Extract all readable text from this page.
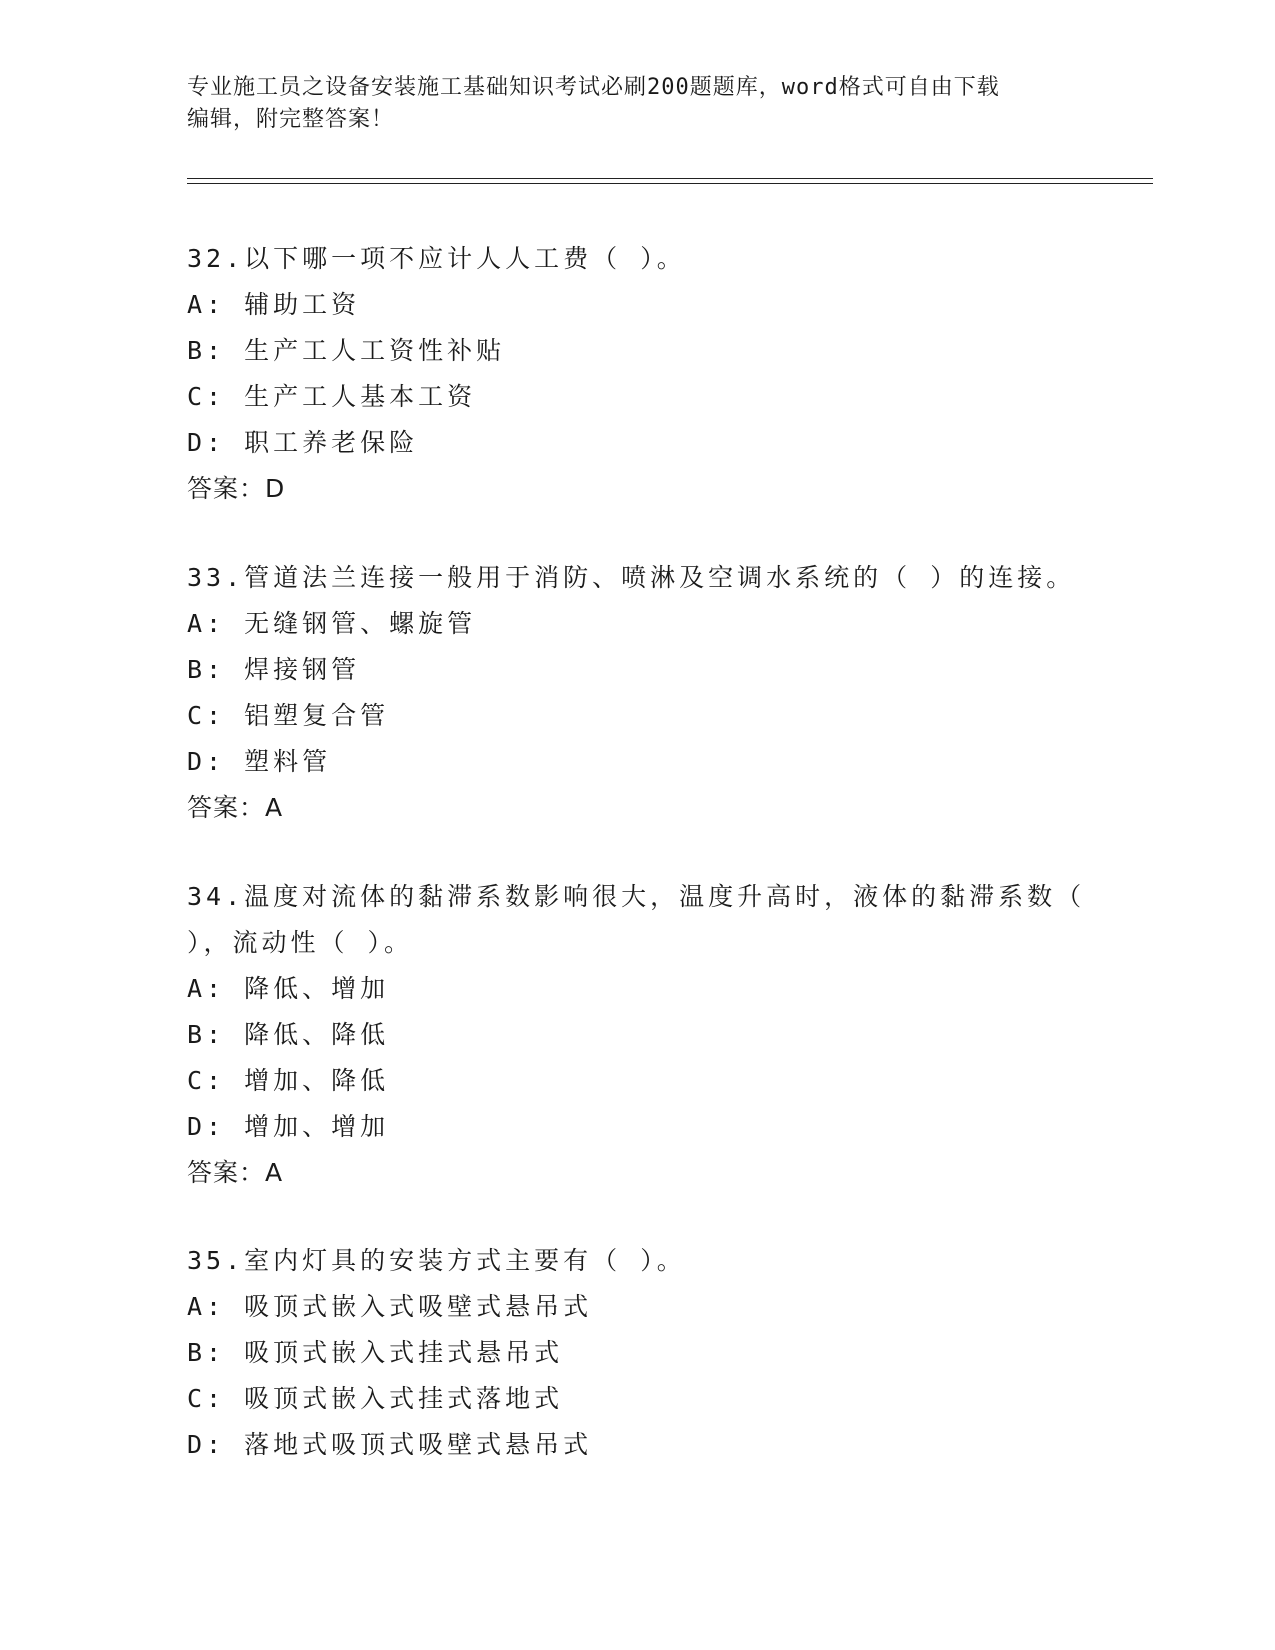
专业施工员之设备安装施工基础知识考试必刷200题题库，word格式可自由下载
编辑，附完整答案！
32.以下哪一项不应计人人工费（ ）。
A: 辅助工资
B: 生产工人工资性补贴
C: 生产工人基本工资
D: 职工养老保险
答案：D
33.管道法兰连接一般用于消防、喷淋及空调水系统的（ ）的连接。
A: 无缝钢管、螺旋管
B: 焊接钢管
C: 铝塑复合管
D: 塑料管
答案：A
34.温度对流体的黏滞系数影响很大，温度升高时，液体的黏滞系数（
），流动性（ ）。
A: 降低、增加
B: 降低、降低
C: 增加、降低
D: 增加、增加
答案：A
35.室内灯具的安装方式主要有（ ）。
A: 吸顶式嵌入式吸壁式悬吊式
B: 吸顶式嵌入式挂式悬吊式
C: 吸顶式嵌入式挂式落地式
D: 落地式吸顶式吸壁式悬吊式
